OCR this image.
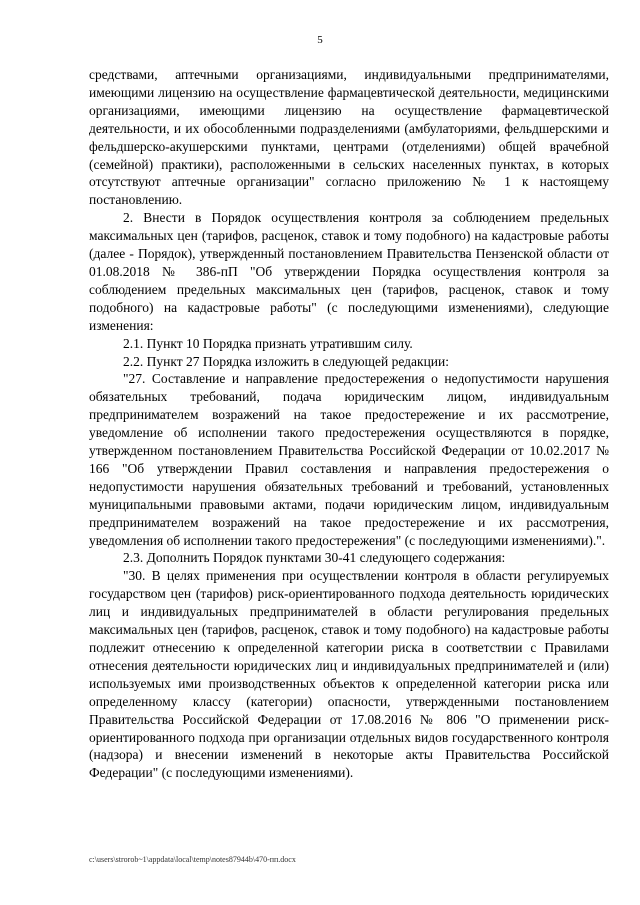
5

средствами, аптечными организациями, индивидуальными предпринимателями, имеющими лицензию на осуществление фармацевтической деятельности, медицинскими организациями, имеющими лицензию на осуществление фармацевтической деятельности, и их обособленными подразделениями (амбулаториями, фельдшерскими и фельдшерско-акушерскими пунктами, центрами (отделениями) общей врачебной (семейной) практики), расположенными в сельских населенных пунктах, в которых отсутствуют аптечные организации" согласно приложению № 1 к настоящему постановлению.

2. Внести в Порядок осуществления контроля за соблюдением предельных максимальных цен (тарифов, расценок, ставок и тому подобного) на кадастровые работы (далее - Порядок), утвержденный постановлением Правительства Пензенской области от 01.08.2018 № 386-пП "Об утверждении Порядка осуществления контроля за соблюдением предельных максимальных цен (тарифов, расценок, ставок и тому подобного) на кадастровые работы" (с последующими изменениями), следующие изменения:

2.1. Пункт 10 Порядка признать утратившим силу.

2.2. Пункт 27 Порядка изложить в следующей редакции:

"27. Составление и направление предостережения о недопустимости нарушения обязательных требований, подача юридическим лицом, индивидуальным предпринимателем возражений на такое предостережение и их рассмотрение, уведомление об исполнении такого предостережения осуществляются в порядке, утвержденном постановлением Правительства Российской Федерации от 10.02.2017 № 166 "Об утверждении Правил составления и направления предостережения о недопустимости нарушения обязательных требований и требований, установленных муниципальными правовыми актами, подачи юридическим лицом, индивидуальным предпринимателем возражений на такое предостережение и их рассмотрения, уведомления об исполнении такого предостережения" (с последующими изменениями).".

2.3. Дополнить Порядок пунктами 30-41 следующего содержания:

"30. В целях применения при осуществлении контроля в области регулируемых государством цен (тарифов) риск-ориентированного подхода деятельность юридических лиц и индивидуальных предпринимателей в области регулирования предельных максимальных цен (тарифов, расценок, ставок и тому подобного) на кадастровые работы подлежит отнесению к определенной категории риска в соответствии с Правилами отнесения деятельности юридических лиц и индивидуальных предпринимателей и (или) используемых ими производственных объектов к определенной категории риска или определенному классу (категории) опасности, утвержденными постановлением Правительства Российской Федерации от 17.08.2016 № 806 "О применении риск-ориентированного подхода при организации отдельных видов государственного контроля (надзора) и внесении изменений в некоторые акты Правительства Российской Федерации" (с последующими изменениями).

c:\users\strorob~1\appdata\local\temp\notes87944b\470-пп.docx
